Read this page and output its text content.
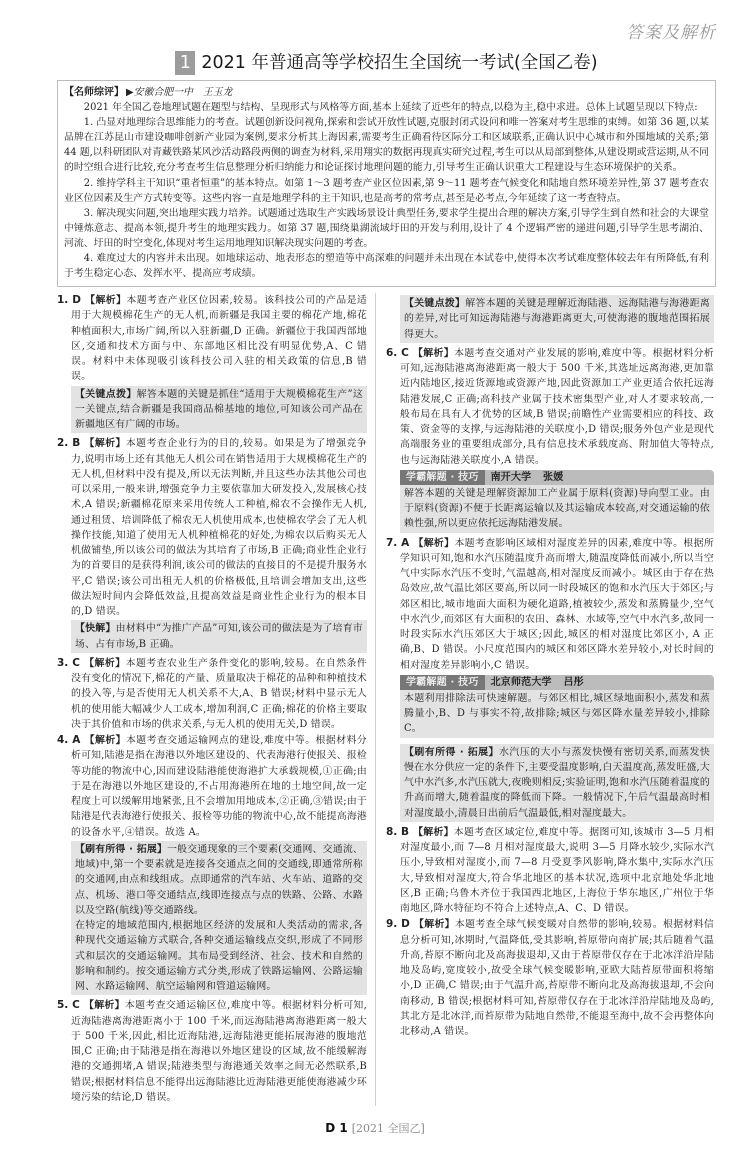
答案及解析
1 2021 年普通高等学校招生全国统一考试(全国乙卷)
【名师综评】 ▶安徽合肥一中　王玉龙

2021 年全国乙卷地理试题在题型与结构、呈现形式与风格等方面,基本上延续了近些年的特点,以稳为主,稳中求进。总体上试题呈现以下特点:

1. 凸显对地理综合思维能力的考查。试题创新设问视角,探索和尝试开放性试题,克服封闭式设问和唯一答案对考生思维的束缚。如第 36 题,以某品牌在江苏昆山市建设咖啡创新产业园为案例,要求分析其上海因素,需要考生正确看待区际分工和区域联系,正确认识中心城市和外围地域的关系;第 44 题,以科研团队对青藏铁路某风沙活动路段两侧的调查为材料,采用翔实的数据再现真实研究过程,考生可以从局部到整体,从建设期或营运期,从不同的时空组合进行比较,充分考查考生信息整理分析归纳能力和论证探讨地理问题的能力,引导考生正确认识重大工程建设与生态环境保护的关系。

2. 维持学科主干知识“重者恒重”的基本特点。如第 1～3 题考查产业区位因素,第 9～11 题考查气候变化和陆地自然环境差异性,第 37 题考查农业区位因素及生产方式转变等。这些内容一直是地理学科的主干知识,也是高考的常考点,甚至是必考点,今年延续了这一考查特点。

3. 解决现实问题,突出地理实践力培养。试题通过选取生产实践场景设计典型任务,要求学生提出合理的解决方案,引导学生到自然和社会的大课堂中锤炼意志、提高本领,提升考生的地理实践力。如第 37 题,围绕巢湖流域圩田的开发与利用,设计了 4 个逻辑严密的递进问题,引导学生思考湖泊、河流、圩田的时空变化,体现对考生运用地理知识解决现实问题的考查。

4. 难度过大的内容并未出现。如地球运动、地表形态的塑造等中高深难的问题并未出现在本试卷中,使得本次考试难度整体较去年有所降低,有利于考生稳定心态、发挥水平、提高应考成绩。

1. D 【解析】本题考查产业区位因素,较易。该科技公司的产品是适用于大规模棉花生产的无人机,而新疆是我国主要的棉花产地,棉花种植面积大,市场广阔,所以入驻新疆,D 正确。新疆位于我国西部地区,交通和技术方面与中、东部地区相比没有明显优势,A、C 错误。材料中未体现吸引该科技公司入驻的相关政策的信息,B 错误。

【关键点拨】解答本题的关键是抓住“适用于大规模棉花生产”这一关键点,结合新疆是我国商品棉基地的地位,可知该公司产品在新疆地区有广阔的市场。

2. B 【解析】本题考查企业行为的目的,较易。如果是为了增强竞争力,说明市场上还有其他无人机公司在销售适用于大规模棉花生产的无人机,但材料中没有提及,所以无法判断,并且这些办法其他公司也可以采用,一般来讲,增强竞争力主要依靠加大研发投入,发展核心技术,A 错误;新疆棉花原来采用传统人工种植,棉农不会操作无人机,通过租赁、培训降低了棉农无人机使用成本,也使棉农学会了无人机操作技能,知道了使用无人机种植棉花的好处,为棉农以后购买无人机做铺垫,所以该公司的做法为其培育了市场,B 正确;商业性企业行为的首要目的是获得利润,该公司的做法的直接目的不是提升服务水平,C 错误;该公司出租无人机的价格极低,且培训会增加支出,这些做法短时间内会降低效益,且提高效益是商业性企业行为的根本目的,D 错误。

【快解】由材料中“为推广产品”可知,该公司的做法是为了培育市场、占有市场,B 正确。

3. C 【解析】本题考查农业生产条件变化的影响,较易。在自然条件没有变化的情况下,棉花的产量、质量取决于棉花的品种和种植技术的投入等,与是否使用无人机关系不大,A、B 错误;材料中显示无人机的使用能大幅减少人工成本,增加利润,C 正确;棉花的价格主要取决于其价值和市场的供求关系,与无人机的使用无关,D 错误。

4. A 【解析】本题考查交通运输网点的建设,难度中等。根据材料分析可知,陆港是指在海港以外地区建设的、代表海港行使报关、报检等功能的物流中心,因而建设陆港能使海港扩大承载规模,①正确;由于是在海港以外地区建设的,不占用海港所在地的土地空间,故一定程度上可以缓解用地紧张,且不会增加用地成本,②正确,③错误;由于陆港是代表海港行使报关、报检等功能的物流中心,故不能提高海港的设备水平,④错误。故选 A。

【刷有所得 · 拓展】一般交通现象的三个要素(交通网、交通流、地域)中,第一个要素就是连接各交通点之间的交通线,即通常所称的交通网,由点和线组成。点即通常的汽车站、火车站、道路的交点、机场、港口等交通结点,线即连接点与点的铁路、公路、水路以及空路(航线)等交通路线。

在特定的地域范围内,根据地区经济的发展和人类活动的需求,各种现代交通运输方式联合,各种交通运输线点交织,形成了不同形式和层次的交通运输网。其布局受到经济、社会、技术和自然的影响和制约。按交通运输方式分类,形成了铁路运输网、公路运输网、水路运输网、航空运输网和管道运输网。

5. C 【解析】本题考查交通运输区位,难度中等。根据材料分析可知,近海陆港离海港距离小于 100 千米,而远海陆港离海港距离一般大于 500 千米,因此,相比近海陆港,远海陆港更能拓展海港的腹地范围,C 正确;由于陆港是指在海港以外地区建设的区域,故不能缓解海港的交通拥堵,A 错误;陆港类型与海港通关效率之间无必然联系,B 错误;根据材料信息不能得出远海陆港比近海陆港更能使海港减少环境污染的结论,D 错误。

【关键点拨】解答本题的关键是理解近海陆港、远海陆港与海港距离的差异,对比可知远海陆港与海港距离更大,可使海港的腹地范围拓展得更大。

6. C 【解析】本题考查交通对产业发展的影响,难度中等。根据材料分析可知,远海陆港离海港距离一般大于 500 千米,其选址远离海港,更加靠近内陆地区,接近货源地或资源产地,因此资源加工产业更适合依托远海陆港发展,C 正确;高科技产业属于技术密集型产业,对人才要求较高,一般布局在具有人才优势的区域,B 错误;前瞻性产业需要相应的科技、政策、资金等的支撑,与远海陆港的关联度小,D 错误;服务外包产业是现代高端服务业的重要组成部分,具有信息技术承载度高、附加值大等特点,也与远海陆港关联度小,A 错误。

学霸解题 · 技巧 南开大学 张媛
解答本题的关键是理解资源加工产业属于原料(资源)导向型工业。由于原料(资源)不便于长距离运输以及其运输成本较高,对交通运输的依赖性强,所以更应依托远海陆港发展。

7. A 【解析】本题考查影响区域相对湿度差异的因素,难度中等。根据所学知识可知,饱和水汽压随温度升高而增大,随温度降低而减小,所以当空气中实际水汽压不变时,气温越高,相对湿度反而减小。城区由于存在热岛效应,故气温比郊区要高,所以同一时段城区的饱和水汽压大于郊区;与郊区相比,城市地面大面积为硬化道路,植被较少,蒸发和蒸腾量少,空气中水汽少,而郊区有大面积的农田、森林、水域等,空气中水汽多,故同一时段实际水汽压郊区大于城区;因此,城区的相对湿度比郊区小, A 正确,B、D 错误。小尺度范围内的城区和郊区降水差异较小,对长时间的相对湿度差异影响小,C 错误。

学霸解题 · 技巧 北京师范大学 吕彤
本题利用排除法可快速解题。与郊区相比,城区绿地面积小,蒸发和蒸腾量小,B、D 与事实不符,故排除;城区与郊区降水量差异较小,排除 C。

【刷有所得 · 拓展】水汽压的大小与蒸发快慢有密切关系,而蒸发快慢在水分供应一定的条件下,主要受温度影响,白天温度高,蒸发旺盛,大气中水汽多,水汽压就大,夜晚则相反;实验证明,饱和水汽压随着温度的升高而增大,随着温度的降低而下降。一般情况下,午后气温最高时相对湿度最小,清晨日出前后气温最低,相对湿度最大。

8. B 【解析】本题考查区域定位,难度中等。据图可知,该城市 3—5 月相对湿度最小,而 7—8 月相对湿度最大,说明 3—5 月降水较少,实际水汽压小,导致相对湿度小,而 7—8 月受夏季风影响,降水集中,实际水汽压大,导致相对湿度大,符合华北地区的基本状况,选项中北京地处华北地区,B 正确;乌鲁木齐位于我国西北地区,上海位于华东地区,广州位于华南地区,降水特征均不符合上述特点,A、C、D 错误。

9. D 【解析】本题考查全球气候变暖对自然带的影响,较易。根据材料信息分析可知,冰期时,气温降低,受其影响,苔原带向南扩展;其后随着气温升高,苔原不断向北及高海拔退却,又由于苔原带仅存在于北冰洋沿岸陆地及岛屿,宽度较小,故受全球气候变暖影响,亚欧大陆苔原带面积将缩小,D 正确,C 错误;由于气温升高,苔原带不断向北及高海拔退却,不会向南移动, B 错误;根据材料可知,苔原带仅存在于北冰洋沿岸陆地及岛屿,其北方是北冰洋,而苔原带为陆地自然带,不能退至海中,故不会再整体向北移动,A 错误。

D 1 [2021 全国乙]
